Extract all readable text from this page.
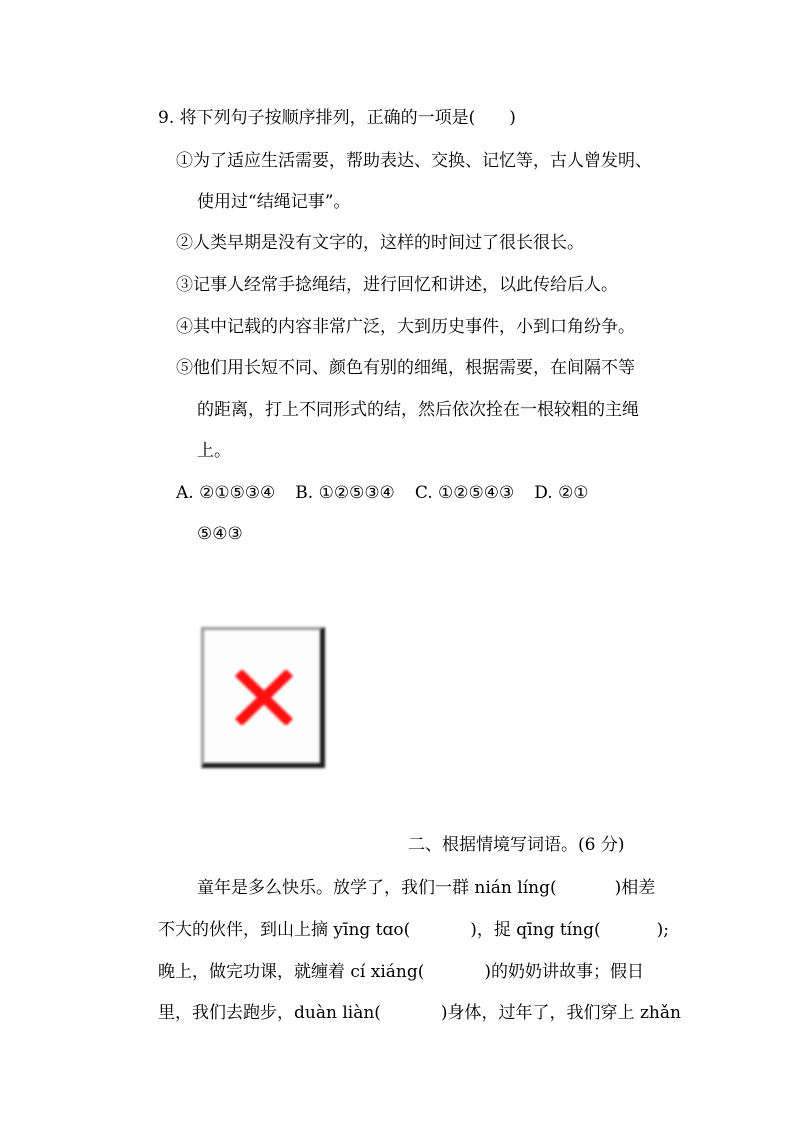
9. 将下列句子按顺序排列，正确的一项是(　　)
①为了适应生活需要，帮助表达、交换、记忆等，古人曾发明、
使用过“结绳记事”。
②人类早期是没有文字的，这样的时间过了很长很长。
③记事人经常手捻绳结，进行回忆和讲述，以此传给后人。
④其中记载的内容非常广泛，大到历史事件，小到口角纷争。
⑤他们用长短不同、颜色有别的细绳，根据需要，在间隔不等
的距离，打上不同形式的结，然后依次拴在一根较粗的主绳
上。
A. ②①⑤③④ B. ①②⑤③④ C. ①②⑤④③ D. ②①
⑤④③
二、根据情境写词语。(6 分)
童年是多么快乐。放学了，我们一群 nián líng(	)相差
不大的伙伴，到山上摘 yīng tɑo(	)，捉 qīng tíng(	);
晚上，做完功课，就缠着 cí xiáng(	)的奶奶讲故事；假日
里，我们去跑步，duàn liàn(	)身体，过年了，我们穿上 zhǎn
